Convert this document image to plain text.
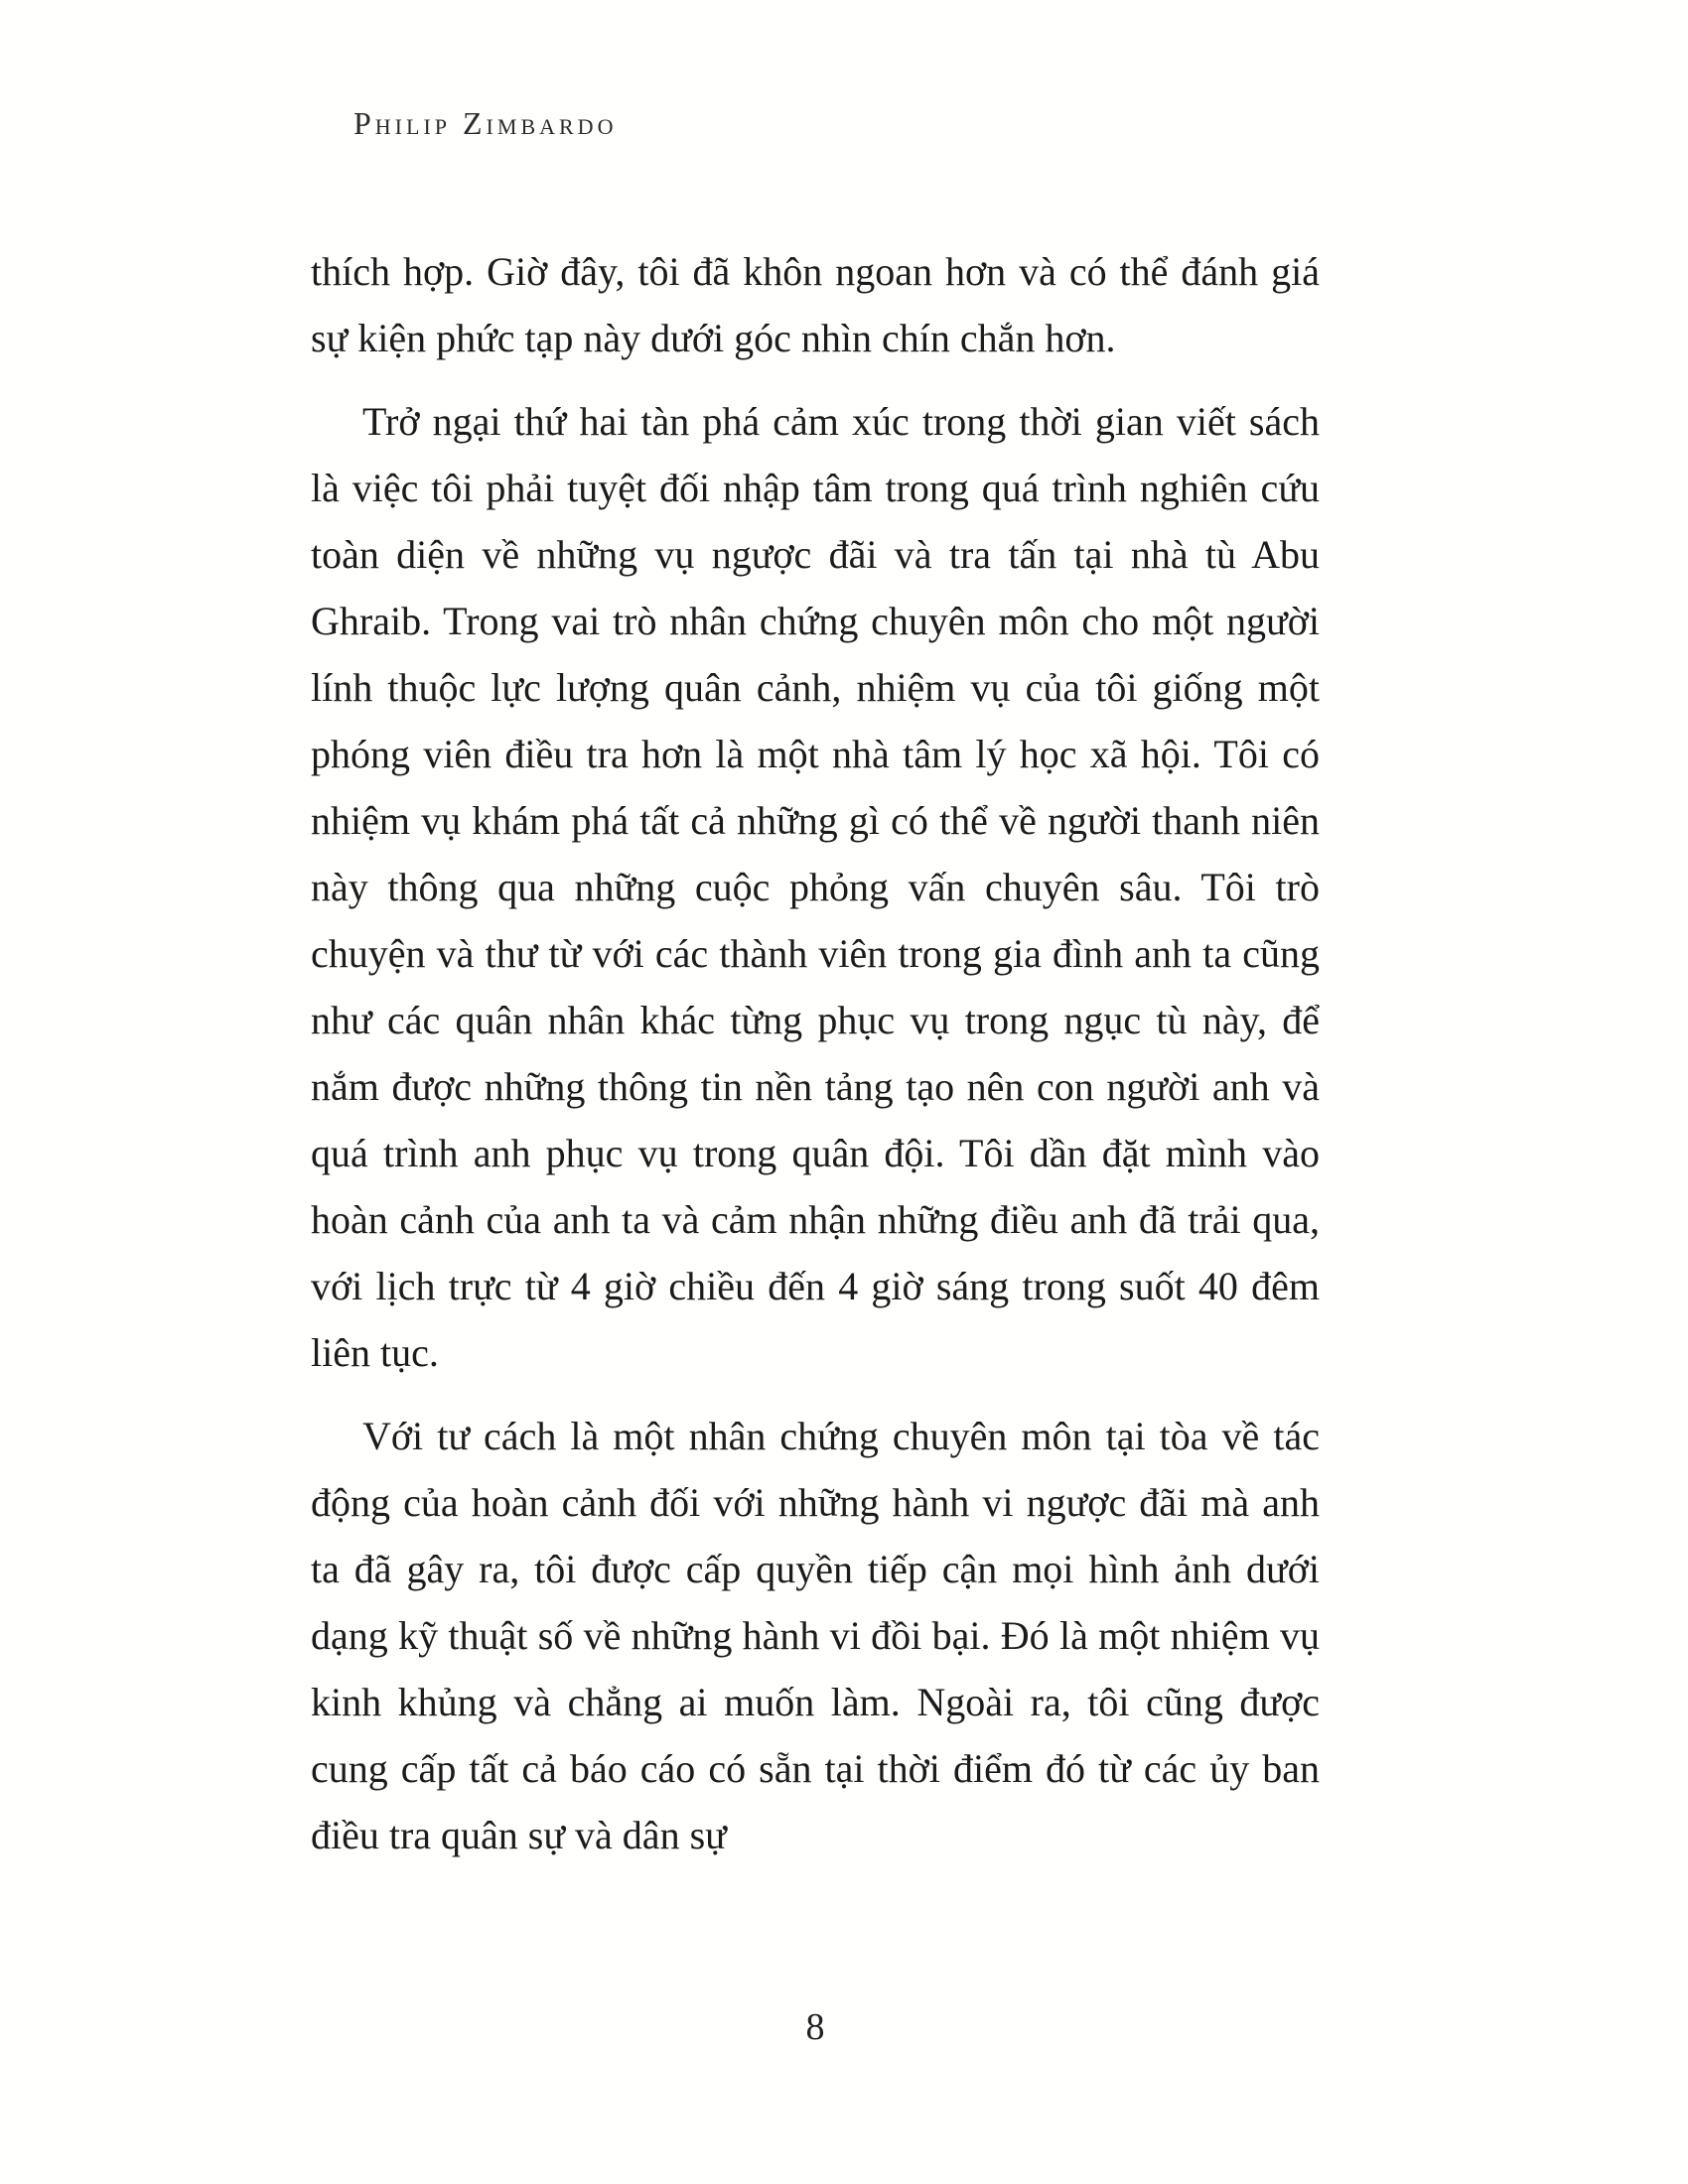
Philip Zimbardo

thích hợp. Giờ đây, tôi đã khôn ngoan hơn và có thể đánh giá sự kiện phức tạp này dưới góc nhìn chín chắn hơn.

Trở ngại thứ hai tàn phá cảm xúc trong thời gian viết sách là việc tôi phải tuyệt đối nhập tâm trong quá trình nghiên cứu toàn diện về những vụ ngược đãi và tra tấn tại nhà tù Abu Ghraib. Trong vai trò nhân chứng chuyên môn cho một người lính thuộc lực lượng quân cảnh, nhiệm vụ của tôi giống một phóng viên điều tra hơn là một nhà tâm lý học xã hội. Tôi có nhiệm vụ khám phá tất cả những gì có thể về người thanh niên này thông qua những cuộc phỏng vấn chuyên sâu. Tôi trò chuyện và thư từ với các thành viên trong gia đình anh ta cũng như các quân nhân khác từng phục vụ trong ngục tù này, để nắm được những thông tin nền tảng tạo nên con người anh và quá trình anh phục vụ trong quân đội. Tôi dần đặt mình vào hoàn cảnh của anh ta và cảm nhận những điều anh đã trải qua, với lịch trực từ 4 giờ chiều đến 4 giờ sáng trong suốt 40 đêm liên tục.

Với tư cách là một nhân chứng chuyên môn tại tòa về tác động của hoàn cảnh đối với những hành vi ngược đãi mà anh ta đã gây ra, tôi được cấp quyền tiếp cận mọi hình ảnh dưới dạng kỹ thuật số về những hành vi đồi bại. Đó là một nhiệm vụ kinh khủng và chẳng ai muốn làm. Ngoài ra, tôi cũng được cung cấp tất cả báo cáo có sẵn tại thời điểm đó từ các ủy ban điều tra quân sự và dân sự

8
